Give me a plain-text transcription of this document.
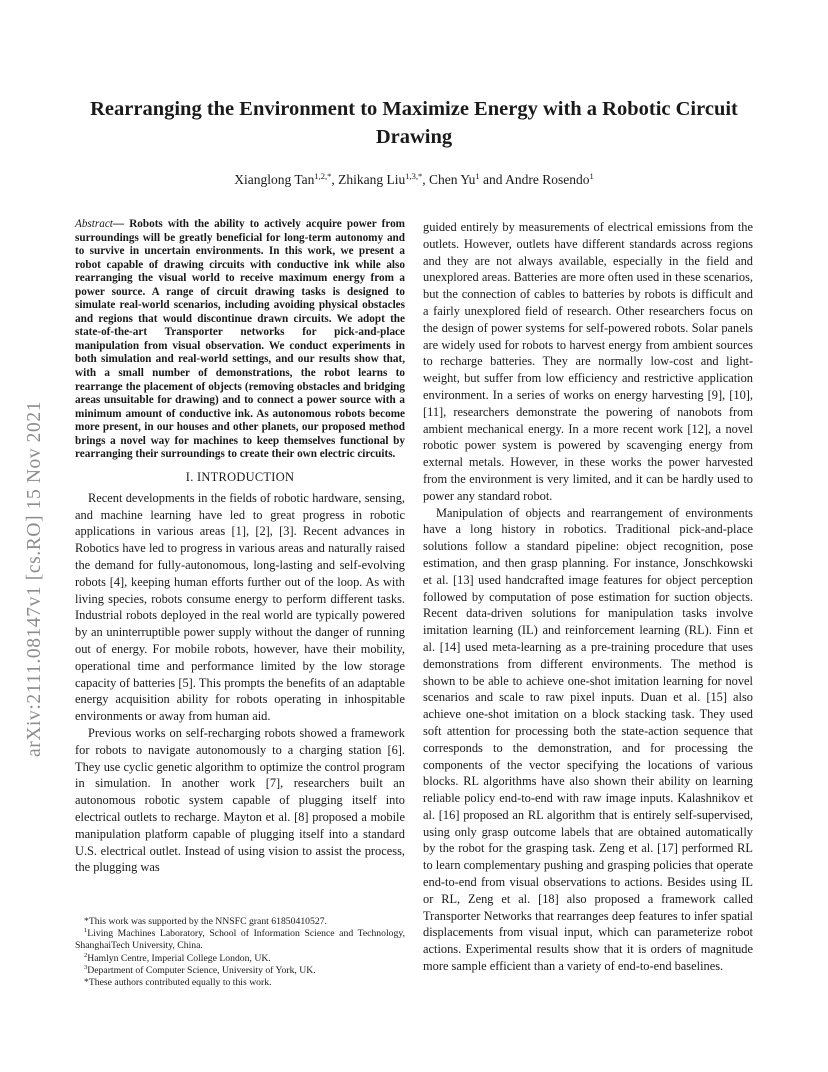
arXiv:2111.08147v1 [cs.RO] 15 Nov 2021
Rearranging the Environment to Maximize Energy with a Robotic Circuit Drawing
Xianglong Tan$^{1,2,*}$, Zhikang Liu$^{1,3,*}$, Chen Yu$^1$ and Andre Rosendo$^1$

Abstract— Robots with the ability to actively acquire power from surroundings will be greatly beneficial for long-term autonomy and to survive in uncertain environments. In this work, we present a robot capable of drawing circuits with conductive ink while also rearranging the visual world to receive maximum energy from a power source. A range of circuit drawing tasks is designed to simulate real-world scenarios, including avoiding physical obstacles and regions that would discontinue drawn circuits. We adopt the state-of-the-art Transporter networks for pick-and-place manipulation from visual observation. We conduct experiments in both simulation and real-world settings, and our results show that, with a small number of demonstrations, the robot learns to rearrange the placement of objects (removing obstacles and bridging areas unsuitable for drawing) and to connect a power source with a minimum amount of conductive ink. As autonomous robots become more present, in our houses and other planets, our proposed method brings a novel way for machines to keep themselves functional by rearranging their surroundings to create their own electric circuits.

I. INTRODUCTION

Recent developments in the fields of robotic hardware, sensing, and machine learning have led to great progress in robotic applications in various areas [1], [2], [3]. Recent advances in Robotics have led to progress in various areas and naturally raised the demand for fully-autonomous, long-lasting and self-evolving robots [4], keeping human efforts further out of the loop. As with living species, robots consume energy to perform different tasks. Industrial robots deployed in the real world are typically powered by an uninterruptible power supply without the danger of running out of energy. For mobile robots, however, have their mobility, operational time and performance limited by the low storage capacity of batteries [5]. This prompts the benefits of an adaptable energy acquisition ability for robots operating in inhospitable environments or away from human aid.

Previous works on self-recharging robots showed a framework for robots to navigate autonomously to a charging station [6]. They use cyclic genetic algorithm to optimize the control program in simulation. In another work [7], researchers built an autonomous robotic system capable of plugging itself into electrical outlets to recharge. Mayton et al. [8] proposed a mobile manipulation platform capable of plugging itself into a standard U.S. electrical outlet. Instead of using vision to assist the process, the plugging was

guided entirely by measurements of electrical emissions from the outlets. However, outlets have different standards across regions and they are not always available, especially in the field and unexplored areas. Batteries are more often used in these scenarios, but the connection of cables to batteries by robots is difficult and a fairly unexplored field of research. Other researchers focus on the design of power systems for self-powered robots. Solar panels are widely used for robots to harvest energy from ambient sources to recharge batteries. They are normally low-cost and light-weight, but suffer from low efficiency and restrictive application environment. In a series of works on energy harvesting [9], [10], [11], researchers demonstrate the powering of nanobots from ambient mechanical energy. In a more recent work [12], a novel robotic power system is powered by scavenging energy from external metals. However, in these works the power harvested from the environment is very limited, and it can be hardly used to power any standard robot.

Manipulation of objects and rearrangement of environments have a long history in robotics. Traditional pick-and-place solutions follow a standard pipeline: object recognition, pose estimation, and then grasp planning. For instance, Jonschkowski et al. [13] used handcrafted image features for object perception followed by computation of pose estimation for suction objects. Recent data-driven solutions for manipulation tasks involve imitation learning (IL) and reinforcement learning (RL). Finn et al. [14] used meta-learning as a pre-training procedure that uses demonstrations from different environments. The method is shown to be able to achieve one-shot imitation learning for novel scenarios and scale to raw pixel inputs. Duan et al. [15] also achieve one-shot imitation on a block stacking task. They used soft attention for processing both the state-action sequence that corresponds to the demonstration, and for processing the components of the vector specifying the locations of various blocks. RL algorithms have also shown their ability on learning reliable policy end-to-end with raw image inputs. Kalashnikov et al. [16] proposed an RL algorithm that is entirely self-supervised, using only grasp outcome labels that are obtained automatically by the robot for the grasping task. Zeng et al. [17] performed RL to learn complementary pushing and grasping policies that operate end-to-end from visual observations to actions. Besides using IL or RL, Zeng et al. [18] also proposed a framework called Transporter Networks that rearranges deep features to infer spatial displacements from visual input, which can parameterize robot actions. Experimental results show that it is orders of magnitude more sample efficient than a variety of end-to-end baselines.

*This work was supported by the NNSFC grant 61850410527.

$^1$Living Machines Laboratory, School of Information Science and Technology, ShanghaiTech University, China.

$^2$Hamlyn Centre, Imperial College London, UK.

$^3$Department of Computer Science, University of York, UK.

*These authors contributed equally to this work.
